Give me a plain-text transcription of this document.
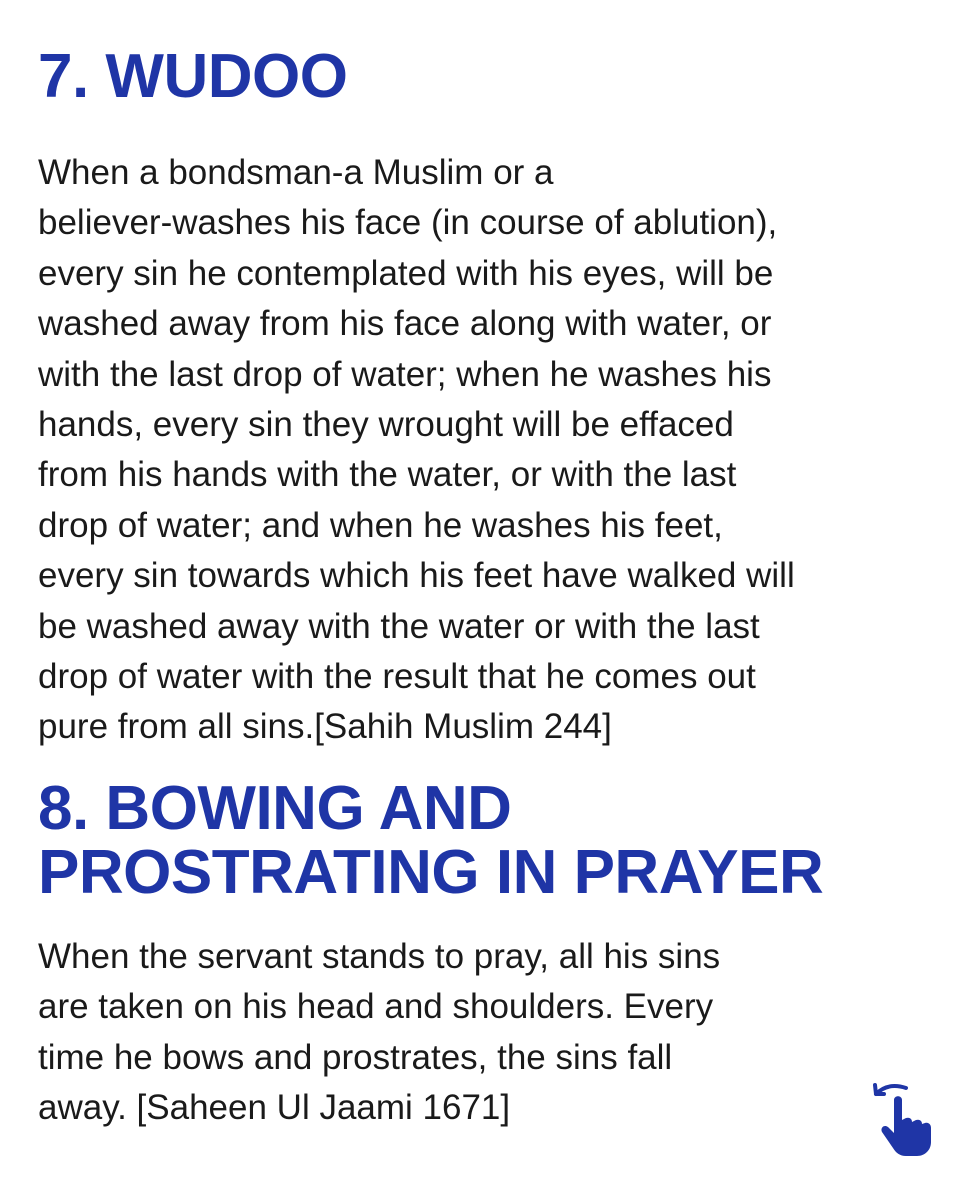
7. WUDOO

When a bondsman-a Muslim or a
believer-washes his face (in course of ablution),
every sin he contemplated with his eyes, will be
washed away from his face along with water, or
with the last drop of water; when he washes his
hands, every sin they wrought will be effaced
from his hands with the water, or with the last
drop of water; and when he washes his feet,
every sin towards which his feet have walked will
be washed away with the water or with the last
drop of water with the result that he comes out
pure from all sins.[Sahih Muslim 244]

8. BOWING AND
PROSTRATING IN PRAYER

When the servant stands to pray, all his sins
are taken on his head and shoulders. Every
time he bows and prostrates, the sins fall
away. [Saheen Ul Jaami 1671]
